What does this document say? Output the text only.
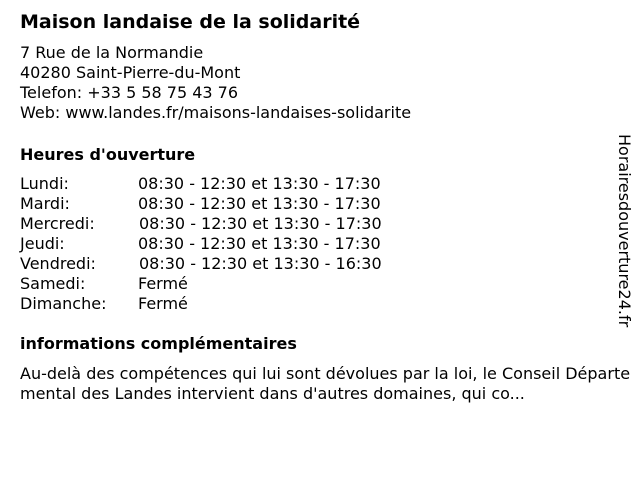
Maison landaise de la solidarité
7 Rue de la Normandie
40280 Saint-Pierre-du-Mont
Telefon: +33 5 58 75 43 76
Web: www.landes.fr/maisons-landaises-solidarite
Heures d'ouverture
Lundi:	08:30 - 12:30 et 13:30 - 17:30
Mardi:	08:30 - 12:30 et 13:30 - 17:30
Mercredi:	08:30 - 12:30 et 13:30 - 17:30
Jeudi:	08:30 - 12:30 et 13:30 - 17:30
Vendredi:	08:30 - 12:30 et 13:30 - 16:30
Samedi:	Fermé
Dimanche: Fermé
informations complémentaires
Au-delà des compétences qui lui sont dévolues par la loi, le Conseil Départemental des Landes intervient dans d'autres domaines, qui co...
Horairesdouverture24.fr
